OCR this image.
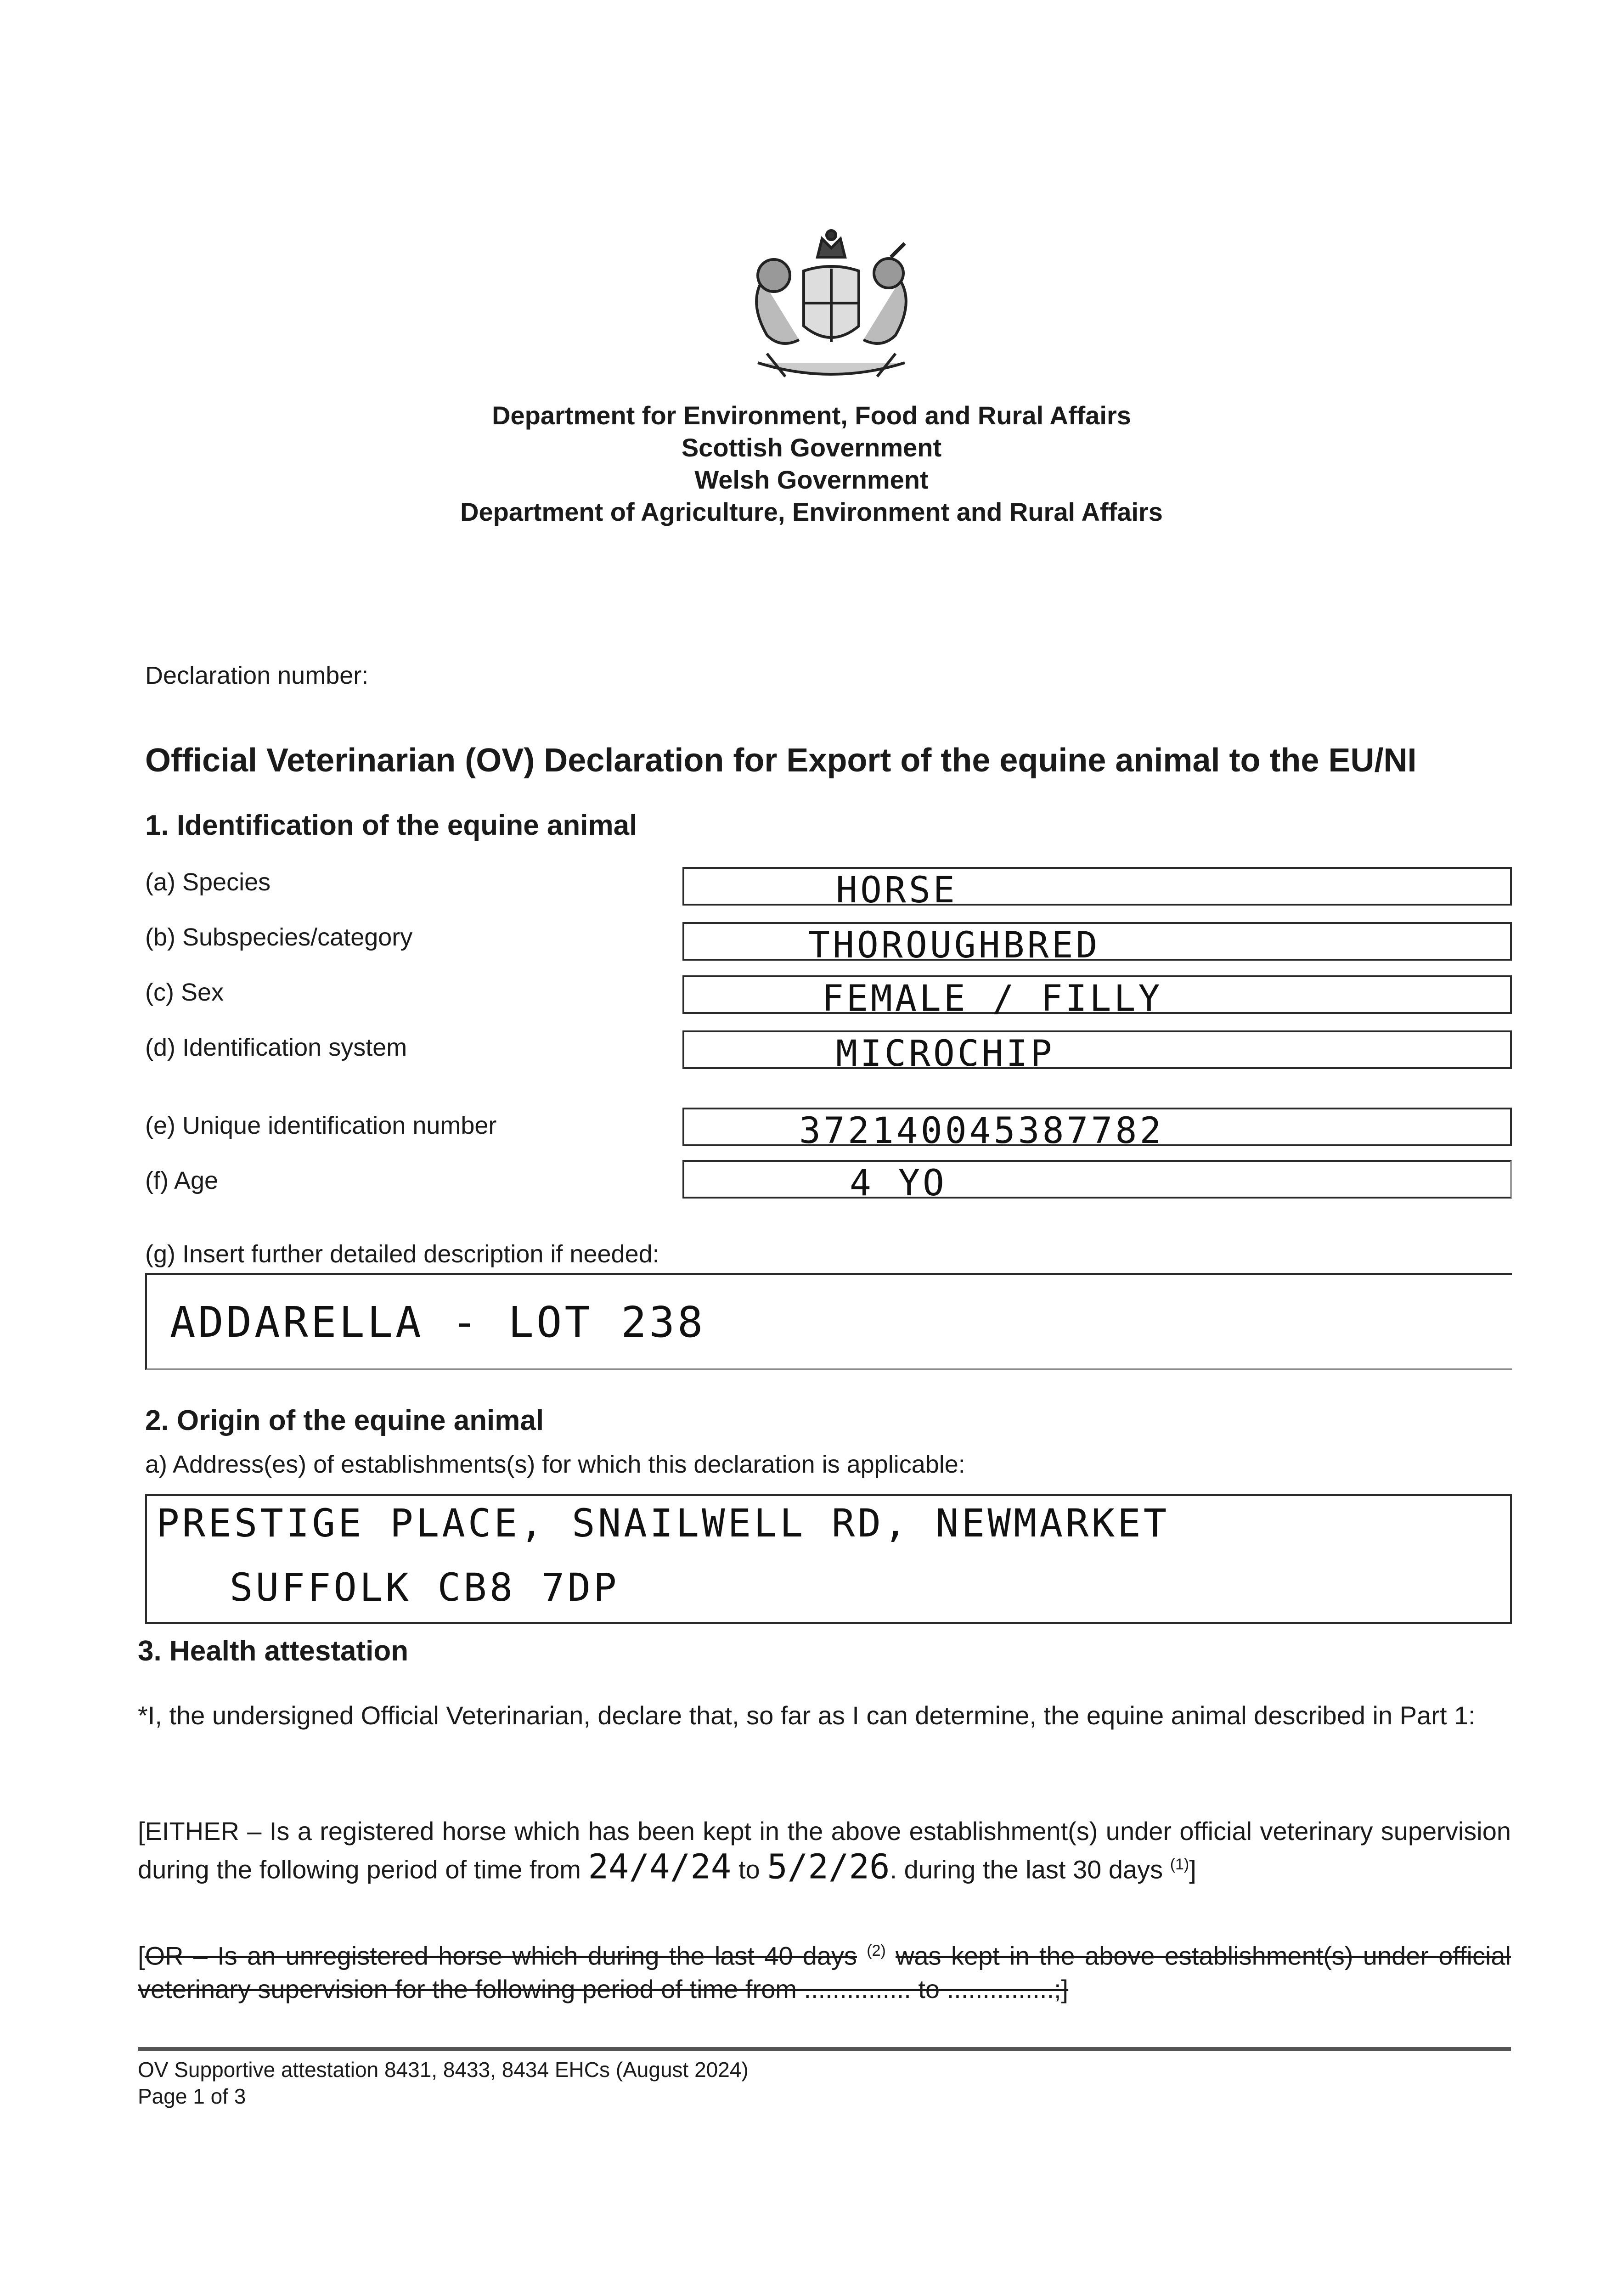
Department for Environment, Food and Rural Affairs
Scottish Government
Welsh Government
Department of Agriculture, Environment and Rural Affairs
Declaration number:
Official Veterinarian (OV) Declaration for Export of the equine animal to the EU/NI
1. Identification of the equine animal
(a) Species	HORSE
(b) Subspecies/category	THOROUGHBRED
(c) Sex	FEMALE / FILLY
(d) Identification system	MICROCHIP
(e) Unique identification number	372140045387782
(f) Age	4 YO
(g) Insert further detailed description if needed:
ADDARELLA - LOT 238
2. Origin of the equine animal
a) Address(es) of establishments(s) for which this declaration is applicable:
PRESTIGE PLACE, SNAILWELL RD, NEWMARKET
SUFFOLK CB8 7DP
3. Health attestation
*I, the undersigned Official Veterinarian, declare that, so far as I can determine, the equine animal described in Part 1:
[EITHER – Is a registered horse which has been kept in the above establishment(s) under official veterinary supervision during the following period of time from 24/4/24 to 5/2/26. during the last 30 days $^{(1)}$]
[OR – Is an unregistered horse which during the last 40 days $^{(2)}$ was kept in the above establishment(s) under official veterinary supervision for the following period of time from ............... to ...............;]
OV Supportive attestation 8431, 8433, 8434 EHCs (August 2024)
Page 1 of 3
